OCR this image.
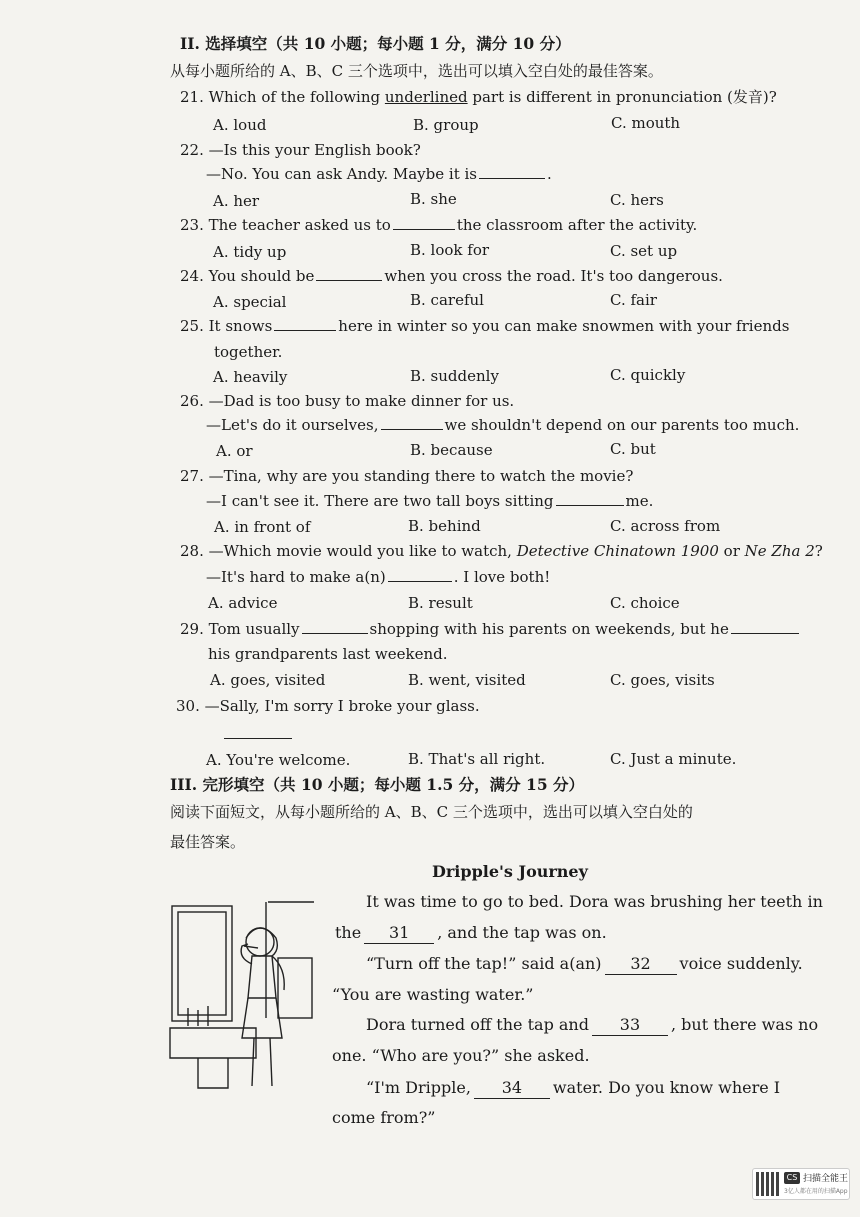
II. 选择填空（共 10 小题；每小题 1 分，满分 10 分）
从每小题所给的 A、B、C 三个选项中，选出可以填入空白处的最佳答案。
21. Which of the following underlined part is different in pronunciation (发音)?
A. loud	B. group	C. mouth
22. —Is this your English book?
—No. You can ask Andy. Maybe it is	.
A. her	B. she	C. hers
23. The teacher asked us to	the classroom after the activity.
A. tidy up	B. look for	C. set up
24. You should be	when you cross the road. It's too dangerous.
A. special	B. careful	C. fair
25. It snows	here in winter so you can make snowmen with your friends
together.
A. heavily	B. suddenly	C. quickly
26. —Dad is too busy to make dinner for us.
—Let's do it ourselves,	we shouldn't depend on our parents too much.
A. or	B. because	C. but
27. —Tina, why are you standing there to watch the movie?
—I can't see it. There are two tall boys sitting	me.
A. in front of	B. behind	C. across from
28. —Which movie would you like to watch, Detective Chinatown 1900 or Ne Zha 2?
—It's hard to make a(n)	. I love both!
A. advice	B. result	C. choice
29. Tom usually	shopping with his parents on weekends, but he
his grandparents last weekend.
A. goes, visited	B. went, visited	C. goes, visits
30. —Sally, I'm sorry I broke your glass.
A. You're welcome.	B. That's all right.	C. Just a minute.
III. 完形填空（共 10 小题；每小题 1.5 分，满分 15 分）
阅读下面短文，从每小题所给的 A、B、C 三个选项中，选出可以填入空白处的
最佳答案。
Dripple's Journey
It was time to go to bed. Dora was brushing her teeth in
the 31 , and the tap was on.
“Turn off the tap!” said a(an) 32 voice suddenly.
“You are wasting water.”
Dora turned off the tap and 33 , but there was no
one. “Who are you?” she asked.
“I'm Dripple, 34 water. Do you know where I
come from?”
CS 扫描全能王
3亿人都在用的扫描App
